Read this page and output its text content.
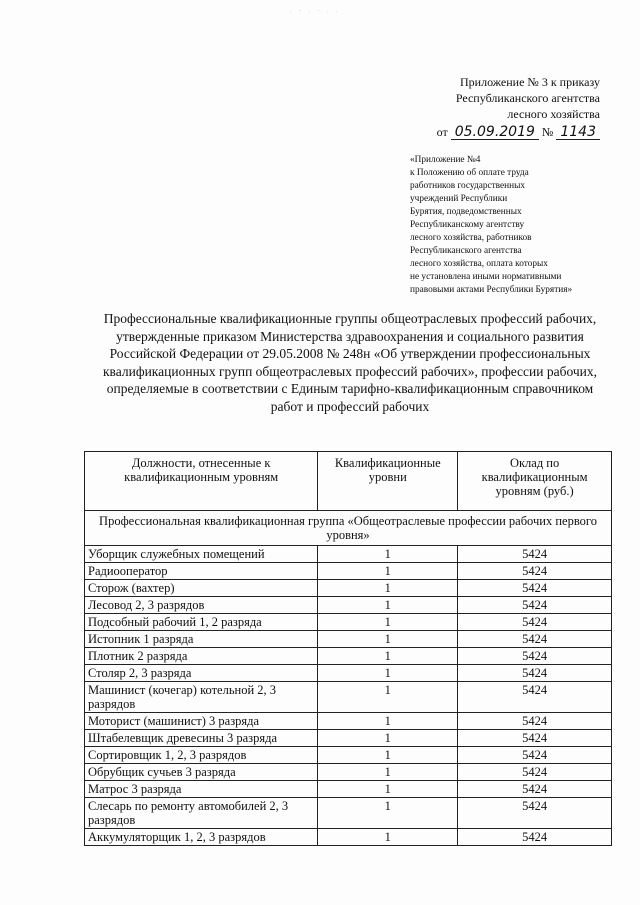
. - . - . .
Приложение № 3 к приказу
Республиканского агентства
лесного хозяйства
от 05.09.2019 № 1143
«Приложение №4
к Положению об оплате труда
работников государственных
учреждений Республики
Бурятия, подведомственных
Республиканскому агентству
лесного хозяйства, работников
Республиканского агентства
лесного хозяйства, оплата которых
не установлена иными нормативными
правовыми актами Республики Бурятия»
Профессиональные квалификационные группы общеотраслевых профессий рабочих, утвержденные приказом Министерства здравоохранения и социального развития Российской Федерации от 29.05.2008 № 248н «Об утверждении профессиональных квалификационных групп общеотраслевых профессий рабочих», профессии рабочих, определяемые в соответствии с Единым тарифно-квалификационным справочником работ и профессий рабочих
Должности, отнесенные к квалификационным уровням	Квалификационные уровни	Оклад по квалификационным уровням (руб.)
Профессиональная квалификационная группа «Общеотраслевые профессии рабочих первого уровня»		
Уборщик служебных помещений	1	5424
Радиооператор	1	5424
Сторож (вахтер)	1	5424
Лесовод 2, 3 разрядов	1	5424
Подсобный рабочий 1, 2 разряда	1	5424
Истопник 1 разряда	1	5424
Плотник 2 разряда	1	5424
Столяр 2, 3 разряда	1	5424
Машинист (кочегар) котельной 2, 3 разрядов	1	5424
Моторист (машинист) 3 разряда	1	5424
Штабелевщик древесины 3 разряда	1	5424
Сортировщик 1, 2, 3 разрядов	1	5424
Обрубщик сучьев 3 разряда	1	5424
Матрос 3 разряда	1	5424
Слесарь по ремонту автомобилей 2, 3 разрядов	1	5424
Аккумуляторщик 1, 2, 3 разрядов	1	5424
